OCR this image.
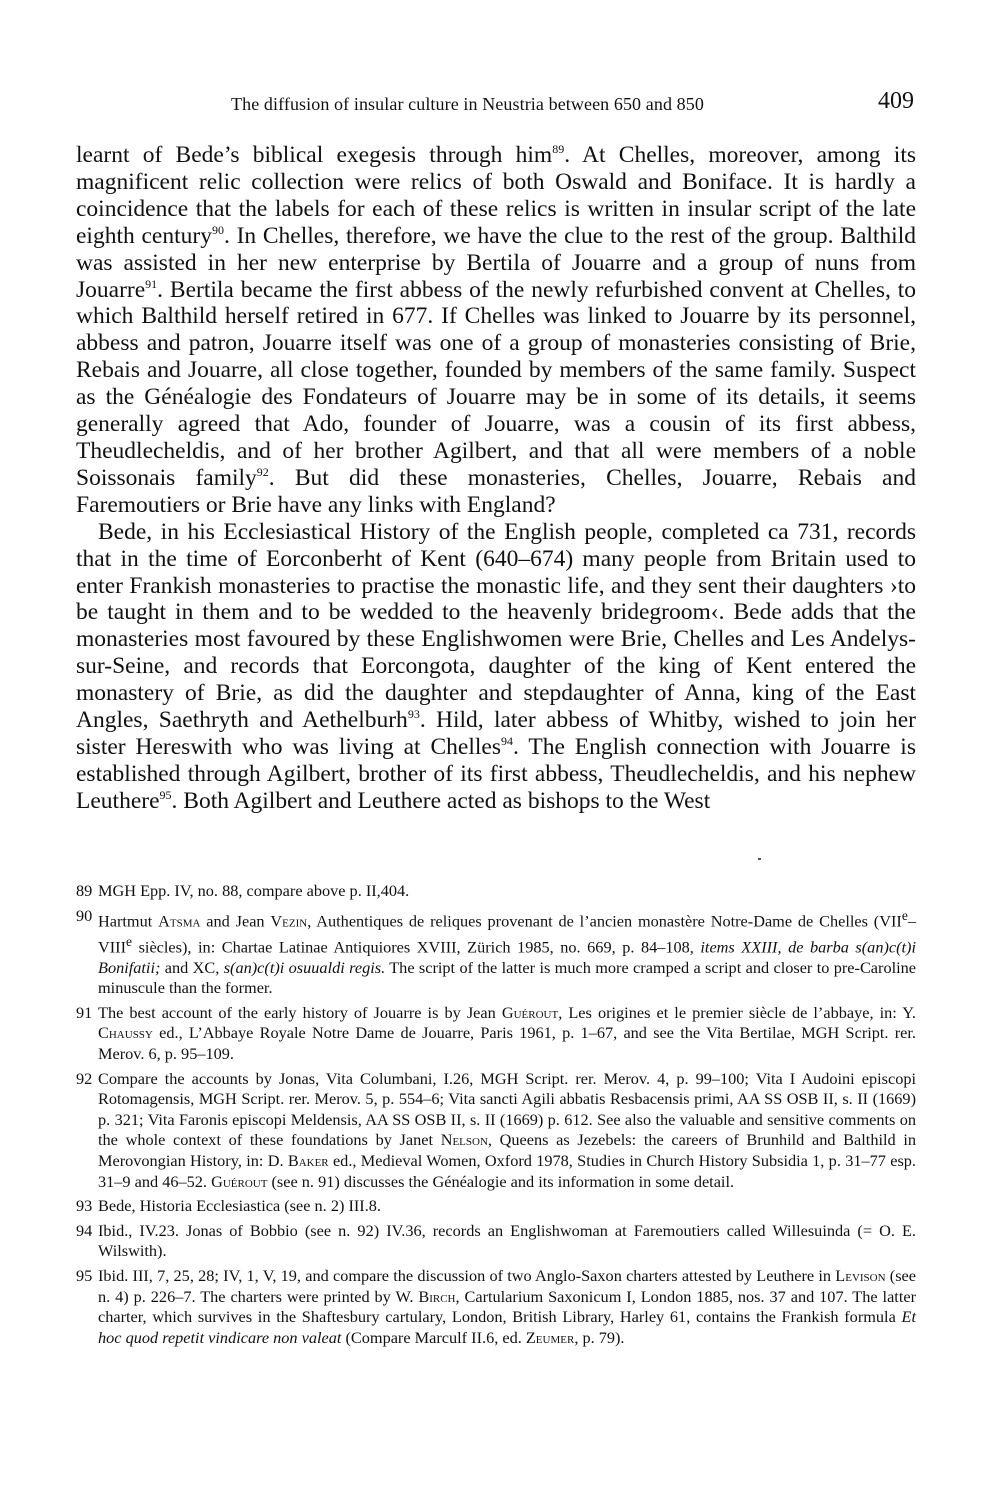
The diffusion of insular culture in Neustria between 650 and 850	409

learnt of Bede’s biblical exegesis through him$^{89}$. At Chelles, moreover, among its magnificent relic collection were relics of both Oswald and Boniface. It is hardly a coincidence that the labels for each of these relics is written in insular script of the late eighth century$^{90}$. In Chelles, therefore, we have the clue to the rest of the group. Balthild was assisted in her new enterprise by Bertila of Jouarre and a group of nuns from Jouarre$^{91}$. Bertila became the first abbess of the newly refurbished convent at Chelles, to which Balthild herself retired in 677. If Chelles was linked to Jouarre by its personnel, abbess and patron, Jouarre itself was one of a group of monasteries consisting of Brie, Rebais and Jouarre, all close together, founded by members of the same family. Suspect as the Généalogie des Fondateurs of Jouarre may be in some of its details, it seems generally agreed that Ado, founder of Jouarre, was a cousin of its first abbess, Theudlecheldis, and of her brother Agilbert, and that all were members of a noble Soissonais family$^{92}$. But did these monasteries, Chelles, Jouarre, Rebais and Faremoutiers or Brie have any links with England?

Bede, in his Ecclesiastical History of the English people, completed ca 731, records that in the time of Eorconberht of Kent (640–674) many people from Britain used to enter Frankish monasteries to practise the monastic life, and they sent their daughters ›to be taught in them and to be wedded to the heavenly bridegroom‹. Bede adds that the monasteries most favoured by these Englishwomen were Brie, Chelles and Les Andelys-sur-Seine, and records that Eorcongota, daughter of the king of Kent entered the monastery of Brie, as did the daughter and stepdaughter of Anna, king of the East Angles, Saethryth and Aethelburh$^{93}$. Hild, later abbess of Whitby, wished to join her sister Hereswith who was living at Chelles$^{94}$. The English connection with Jouarre is established through Agilbert, brother of its first abbess, Theudlecheldis, and his nephew Leuthere$^{95}$. Both Agilbert and Leuthere acted as bishops to the West

89 MGH Epp. IV, no. 88, compare above p. II,404.
90 Hartmut Atsma and Jean Vezin, Authentiques de reliques provenant de l’ancien monastère Notre-Dame de Chelles (VIIe–VIIIe siècles), in: Chartae Latinae Antiquiores XVIII, Zürich 1985, no. 669, p. 84–108, items XXIII, de barba s(an)c(t)i Bonifatii; and XC, s(an)c(t)i osuualdi regis. The script of the latter is much more cramped a script and closer to pre-Caroline minuscule than the former.
91 The best account of the early history of Jouarre is by Jean Guérout, Les origines et le premier siècle de l’abbaye, in: Y. Chaussy ed., L’Abbaye Royale Notre Dame de Jouarre, Paris 1961, p. 1–67, and see the Vita Bertilae, MGH Script. rer. Merov. 6, p. 95–109.
92 Compare the accounts by Jonas, Vita Columbani, I.26, MGH Script. rer. Merov. 4, p. 99–100; Vita I Audoini episcopi Rotomagensis, MGH Script. rer. Merov. 5, p. 554–6; Vita sancti Agili abbatis Resbacensis primi, AA SS OSB II, s. II (1669) p. 321; Vita Faronis episcopi Meldensis, AA SS OSB II, s. II (1669) p. 612. See also the valuable and sensitive comments on the whole context of these foundations by Janet Nelson, Queens as Jezebels: the careers of Brunhild and Balthild in Merovongian History, in: D. Baker ed., Medieval Women, Oxford 1978, Studies in Church History Subsidia 1, p. 31–77 esp. 31–9 and 46–52. Guérout (see n. 91) discusses the Généalogie and its information in some detail.
93 Bede, Historia Ecclesiastica (see n. 2) III.8.
94 Ibid., IV.23. Jonas of Bobbio (see n. 92) IV.36, records an Englishwoman at Faremoutiers called Willesuinda (= O. E. Wilswith).
95 Ibid. III, 7, 25, 28; IV, 1, V, 19, and compare the discussion of two Anglo-Saxon charters attested by Leuthere in Levison (see n. 4) p. 226–7. The charters were printed by W. Birch, Cartularium Saxonicum I, London 1885, nos. 37 and 107. The latter charter, which survives in the Shaftesbury cartulary, London, British Library, Harley 61, contains the Frankish formula Et hoc quod repetit vindicare non valeat (Compare Marculf II.6, ed. Zeumer, p. 79).
